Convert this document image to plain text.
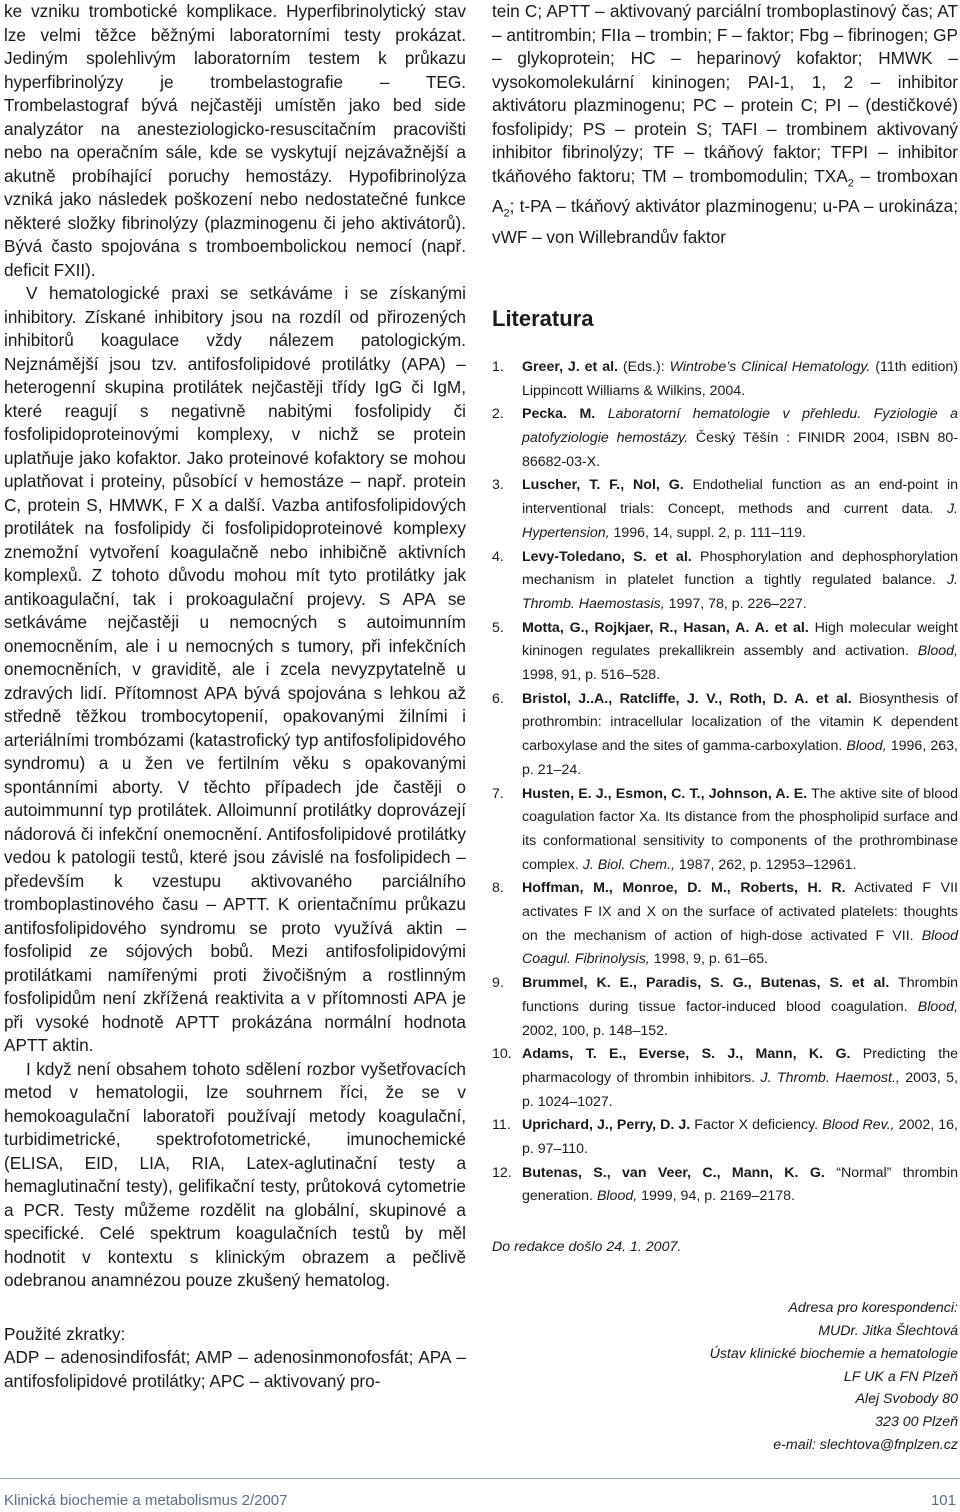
ke vzniku trombotické komplikace. Hyperfibrinolytický stav lze velmi těžce běžnými laboratorními testy prokázat. Jediným spolehlivým laboratorním testem k průkazu hyperfibrinolýzy je trombelastografie – TEG. Trombelastograf bývá nejčastěji umístěn jako bed side analyzátor na anesteziologicko-resuscitačním pracovišti nebo na operačním sále, kde se vyskytují nejzávažnější a akutně probíhající poruchy hemostázy. Hypofibrinolýza vzniká jako následek poškození nebo nedostatečné funkce některé složky fibrinolýzy (plazminogenu či jeho aktivátorů). Bývá často spojována s tromboembolickou nemocí (např. deficit FXII).

V hematologické praxi se setkáváme i se získanými inhibitory. Získané inhibitory jsou na rozdíl od přirozených inhibitorů koagulace vždy nálezem patologickým. Nejznámější jsou tzv. antifosfolipidové protilátky (APA) – heterogenní skupina protilátek nejčastěji třídy IgG či IgM, které reagují s negativně nabitými fosfolipidy či fosfolipidoproteinovými komplexy, v nichž se protein uplatňuje jako kofaktor. Jako proteinové kofaktory se mohou uplatňovat i proteiny, působící v hemostáze – např. protein C, protein S, HMWK, F X a další. Vazba antifosfolipidových protilátek na fosfolipidy či fosfolipidoproteinové komplexy znemožní vytvoření koagulačně nebo inhibičně aktivních komplexů. Z tohoto důvodu mohou mít tyto protilátky jak antikoagulační, tak i prokoagulační projevy. S APA se setkáváme nejčastěji u nemocných s autoimunním onemocněním, ale i u nemocných s tumory, při infekčních onemocněních, v graviditě, ale i zcela nevyzpytatelně u zdravých lidí. Přítomnost APA bývá spojována s lehkou až středně těžkou trombocytopenií, opakovanými žilními i arteriálními trombózami (katastrofický typ antifosfolipidového syndromu) a u žen ve fertilním věku s opakovanými spontánními aborty. V těchto případech jde častěji o autoimmunní typ protilátek. Alloimunní protilátky doprovázejí nádorová či infekční onemocnění. Antifosfolipidové protilátky vedou k patologii testů, které jsou závislé na fosfolipidech – především k vzestupu aktivovaného parciálního tromboplastinového času – APTT. K orientačnímu průkazu antifosfolipidového syndromu se proto využívá aktin – fosfolipid ze sójových bobů. Mezi antifosfolipidovými protilátkami namířenými proti živočišným a rostlinným fosfolipidům není zkřížená reaktivita a v přítomnosti APA je při vysoké hodnotě APTT prokázána normální hodnota APTT aktin.

I když není obsahem tohoto sdělení rozbor vyšetřovacích metod v hematologii, lze souhrnem říci, že se v hemokoagulační laboratoři používají metody koagulační, turbidimetrické, spektrofotometrické, imunochemické (ELISA, EID, LIA, RIA, Latex-aglutinační testy a hemaglutinační testy), gelifikační testy, průtoková cytometrie a PCR. Testy můžeme rozdělit na globální, skupinové a specifické. Celé spektrum koagulačních testů by měl hodnotit v kontextu s klinickým obrazem a pečlivě odebranou anamnézou pouze zkušený hematolog.

Použité zkratky:

ADP – adenosindifosfát; AMP – adenosinmonofosfát; APA – antifosfolipidové protilátky; APC – aktivovaný pro-

tein C; APTT – aktivovaný parciální tromboplastinový čas; AT – antitrombin; FIIa – trombin; F – faktor; Fbg – fibrinogen; GP – glykoprotein; HC – heparinový kofaktor; HMWK – vysokomolekulární kininogen; PAI-1, 1, 2 – inhibitor aktivátoru plazminogenu; PC – protein C; PI – (destičkové) fosfolipidy; PS – protein S; TAFI – trombinem aktivovaný inhibitor fibrinolýzy; TF – tkáňový faktor; TFPI – inhibitor tkáňového faktoru; TM – trombomodulin; $TXA_2$ – tromboxan $A_2$; t-PA – tkáňový aktivátor plazminogenu; u-PA – urokináza; vWF – von Willebrandův faktor

Literatura
1.	Greer, J. et al. (Eds.): Wintrobe’s Clinical Hematology. (11th edition) Lippincott Williams & Wilkins, 2004.
2.	Pecka. M. Laboratorní hematologie v přehledu. Fyziologie a patofyziologie hemostázy. Český Těšín : FINIDR 2004, ISBN 80-86682-03-X.
3.	Luscher, T. F., Nol, G. Endothelial function as an end-point in interventional trials: Concept, methods and current data. J. Hypertension, 1996, 14, suppl. 2, p. 111–119.
4.	Levy-Toledano, S. et al. Phosphorylation and dephosphorylation mechanism in platelet function a tightly regulated balance. J. Thromb. Haemostasis, 1997, 78, p. 226–227.
5.	Motta, G., Rojkjaer, R., Hasan, A. A. et al. High molecular weight kininogen regulates prekallikrein assembly and activation. Blood, 1998, 91, p. 516–528.
6.	Bristol, J..A., Ratcliffe, J. V., Roth, D. A. et al. Biosynthesis of prothrombin: intracellular localization of the vitamin K dependent carboxylase and the sites of gamma-carboxylation. Blood, 1996, 263, p. 21–24.
7.	Husten, E. J., Esmon, C. T., Johnson, A. E. The aktive site of blood coagulation factor Xa. Its distance from the phospholipid surface and its conformational sensitivity to components of the prothrombinase complex. J. Biol. Chem., 1987, 262, p. 12953–12961.
8.	Hoffman, M., Monroe, D. M., Roberts, H. R. Activated F VII activates F IX and X on the surface of activated platelets: thoughts on the mechanism of action of high-dose activated F VII. Blood Coagul. Fibrinolysis, 1998, 9, p. 61–65.
9.	Brummel, K. E., Paradis, S. G., Butenas, S. et al. Thrombin functions during tissue factor-induced blood coagulation. Blood, 2002, 100, p. 148–152.
10. Adams, T. E., Everse, S. J., Mann, K. G. Predicting the pharmacology of thrombin inhibitors. J. Thromb. Haemost., 2003, 5, p. 1024–1027.
11. Uprichard, J., Perry, D. J. Factor X deficiency. Blood Rev., 2002, 16, p. 97–110.
12. Butenas, S., van Veer, C., Mann, K. G. “Normal” thrombin generation. Blood, 1999, 94, p. 2169–2178.

Do redakce došlo 24. 1. 2007.

Adresa pro korespondenci:
MUDr. Jitka Šlechtová
Ústav klinické biochemie a hematologie
LF UK a FN Plzeň
Alej Svobody 80
323 00 Plzeň
e-mail: slechtova@fnplzen.cz
Klinická biochemie a metabolismus 2/2007	101
